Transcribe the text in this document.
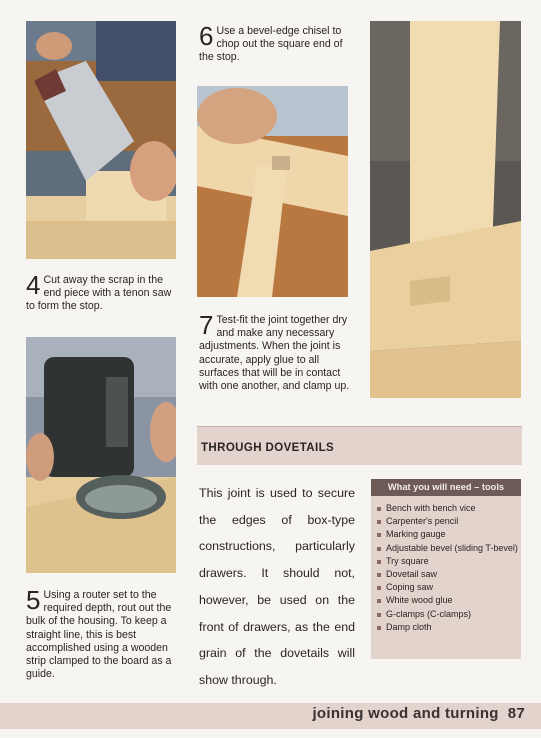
4 Cut away the scrap in the end piece with a tenon saw to form the stop.
5 Using a router set to the required depth, rout out the bulk of the housing. To keep a straight line, this is best accomplished using a wooden strip clamped to the board as a guide.
6 Use a bevel-edge chisel to chop out the square end of the stop.
7 Test-fit the joint together dry and make any necessary adjustments. When the joint is accurate, apply glue to all surfaces that will be in contact with one another, and clamp up.
THROUGH DOVETAILS
This joint is used to secure the edges of box-type constructions, particularly drawers. It should not, however, be used on the front of drawers, as the end grain of the dovetails will show through.
What you will need – tools
Bench with bench vice
Carpenter's pencil
Marking gauge
Adjustable bevel (sliding T-bevel)
Try square
Dovetail saw
Coping saw
White wood glue
G-clamps (C-clamps)
Damp cloth
joining wood and turning  87
